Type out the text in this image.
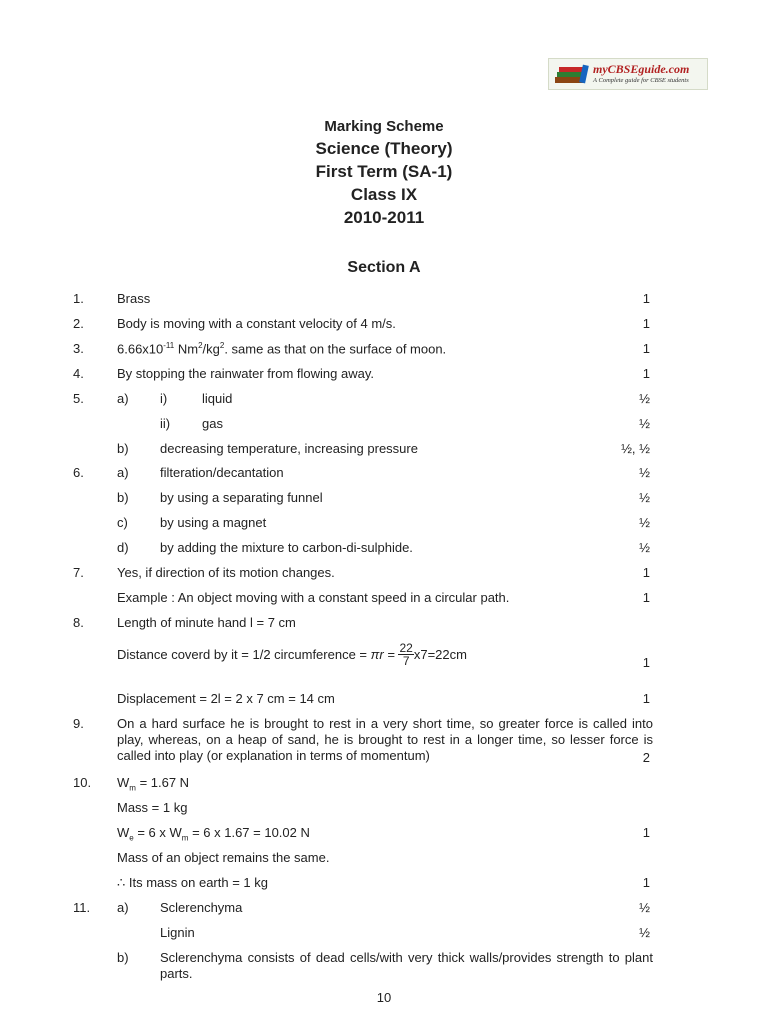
myCBSEguide.com
A Complete guide for CBSE students
Marking Scheme
Science (Theory)
First Term (SA-1)
Class IX
2010-2011
Section A
1.	Brass	1
2.	Body is moving with a constant velocity of 4 m/s.	1
3.	$6.66x10^{-11}$ $Nm^2/kg^2$. same as that on the surface of moon.	1
4.	By stopping the rainwater from flowing away.	1
5.	a) i)	liquid	½
ii) gas	½
b) decreasing temperature, increasing pressure	½, ½
6.	a) filteration/decantation	½
b) by using a separating funnel	½
c) by using a magnet	½
d) by adding the mixture to carbon-di-sulphide.	½
7.	Yes, if direction of its motion changes.	1
Example : An object moving with a constant speed in a circular path.	1
8.	Length of minute hand l = 7 cm
Distance coverd by it = 1/2 circumference = $\pi r = \frac{22}{7} x7=22cm$
1
Displacement = 2l = 2 x 7 cm = 14 cm	1
9.	On a hard surface he is brought to rest in a very short time, so greater force is called into play, whereas, on a heap of sand, he is brought to rest in a longer time, so lesser force is called into play (or explanation in terms of momentum)	2
10. $W_m = 1.67$ N
Mass = 1 kg
$W_e = 6$ x $W_m = 6$ x 1.67 = 10.02 N	1
Mass of an object remains the same.
∴ Its mass on earth = 1 kg	1
11. a) Sclerenchyma	½
Lignin	½
b) Sclerenchyma consists of dead cells/with very thick walls/provides strength to plant parts.
10
